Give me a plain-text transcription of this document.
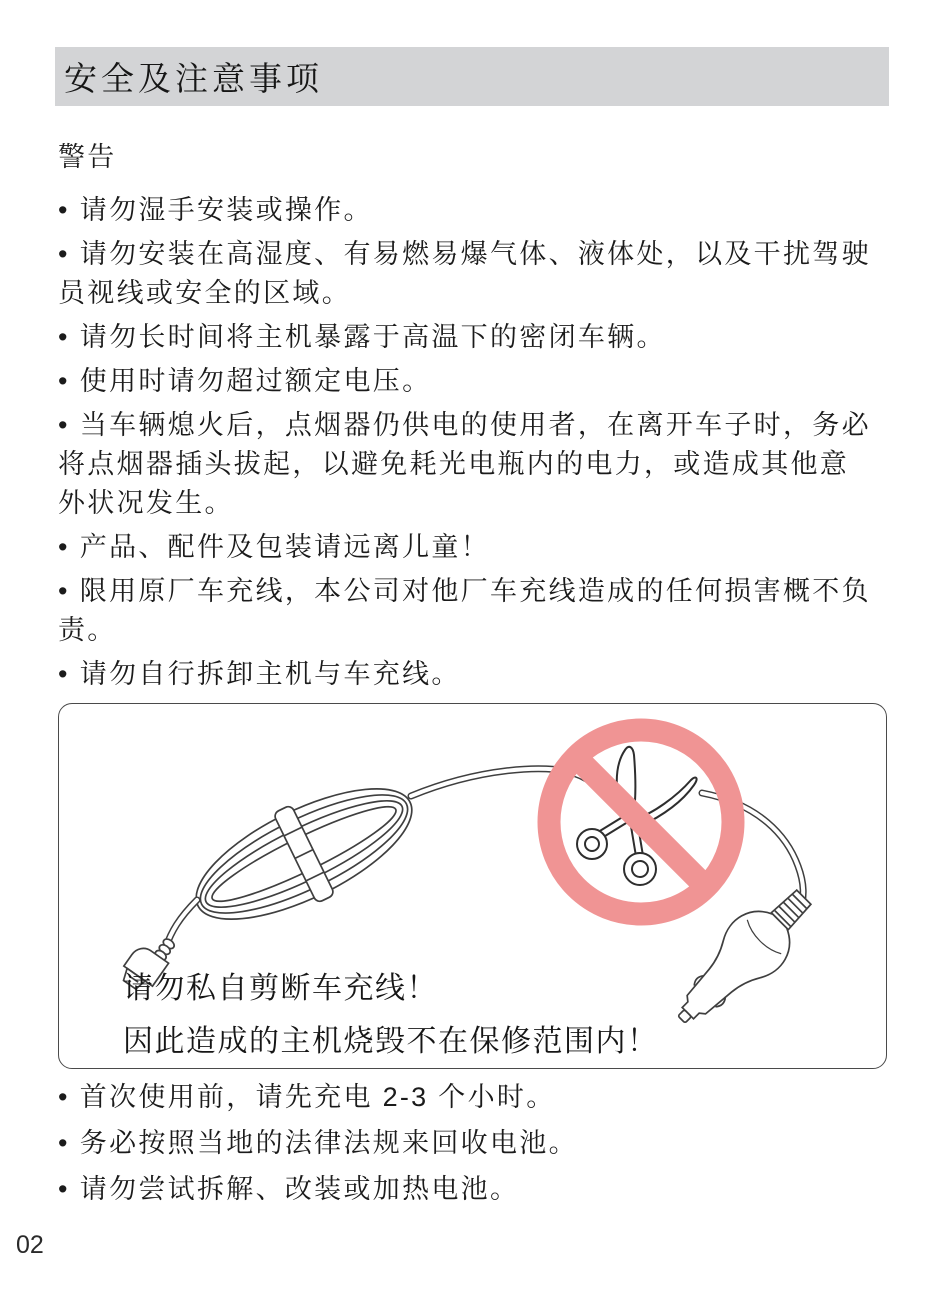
安全及注意事项

警告

• 请勿湿手安装或操作。

• 请勿安装在高湿度、有易燃易爆气体、液体处，以及干扰驾驶员视线或安全的区域。

• 请勿长时间将主机暴露于高温下的密闭车辆。

• 使用时请勿超过额定电压。

• 当车辆熄火后，点烟器仍供电的使用者，在离开车子时，务必将点烟器插头拔起，以避免耗光电瓶内的电力，或造成其他意外状况发生。

• 产品、配件及包装请远离儿童！

• 限用原厂车充线，本公司对他厂车充线造成的任何损害概不负责。

• 请勿自行拆卸主机与车充线。

请勿私自剪断车充线！
因此造成的主机烧毁不在保修范围内！

• 首次使用前，请先充电 2-3 个小时。

• 务必按照当地的法律法规来回收电池。

• 请勿尝试拆解、改装或加热电池。

02
